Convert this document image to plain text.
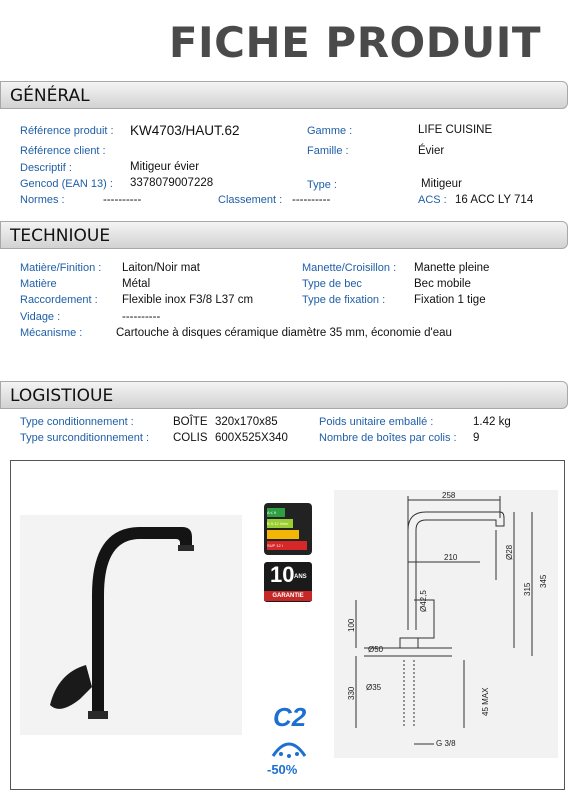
FICHE PRODUIT
GÉNÉRAL
Référence produit : KW4703/HAUT.62
Référence client :
Descriptif :	Mitigeur évier
Gencod (EAN 13) : 3378079007228
Normes :	----------	Classement : ----------
Gamme :	LIFE CUISINE
Famille :	Évier
Type :	Mitigeur
ACS : 16 ACC LY 714
TECHNIOUE
Matière/Finition : Laiton/Noir mat
Matière	Métal
Raccordement : Flexible inox F3/8 L37 cm
Vidage :	----------
Mécanisme :	Cartouche à disques céramique diamètre 35 mm, économie d'eau
Manette/Croisillon : Manette pleine
Type de bec	Bec mobile
Type de fixation :	Fixation 1 tige
LOGISTIOUE
Type conditionnement :	BOÎTE 320x170x85
Type surconditionnement : COLIS 600X525X340
Poids unitaire emballé :	1.42 kg
Nombre de boîtes par colis : 9
A ≤ 9
B 9-12 l/min
SUP 12 l
10 ANS
GARANTIE
C2
-50%
258
210	Ø28
Ø42,5
315
345
100
Ø50
330 Ø35
45 MAX
G 3/8
